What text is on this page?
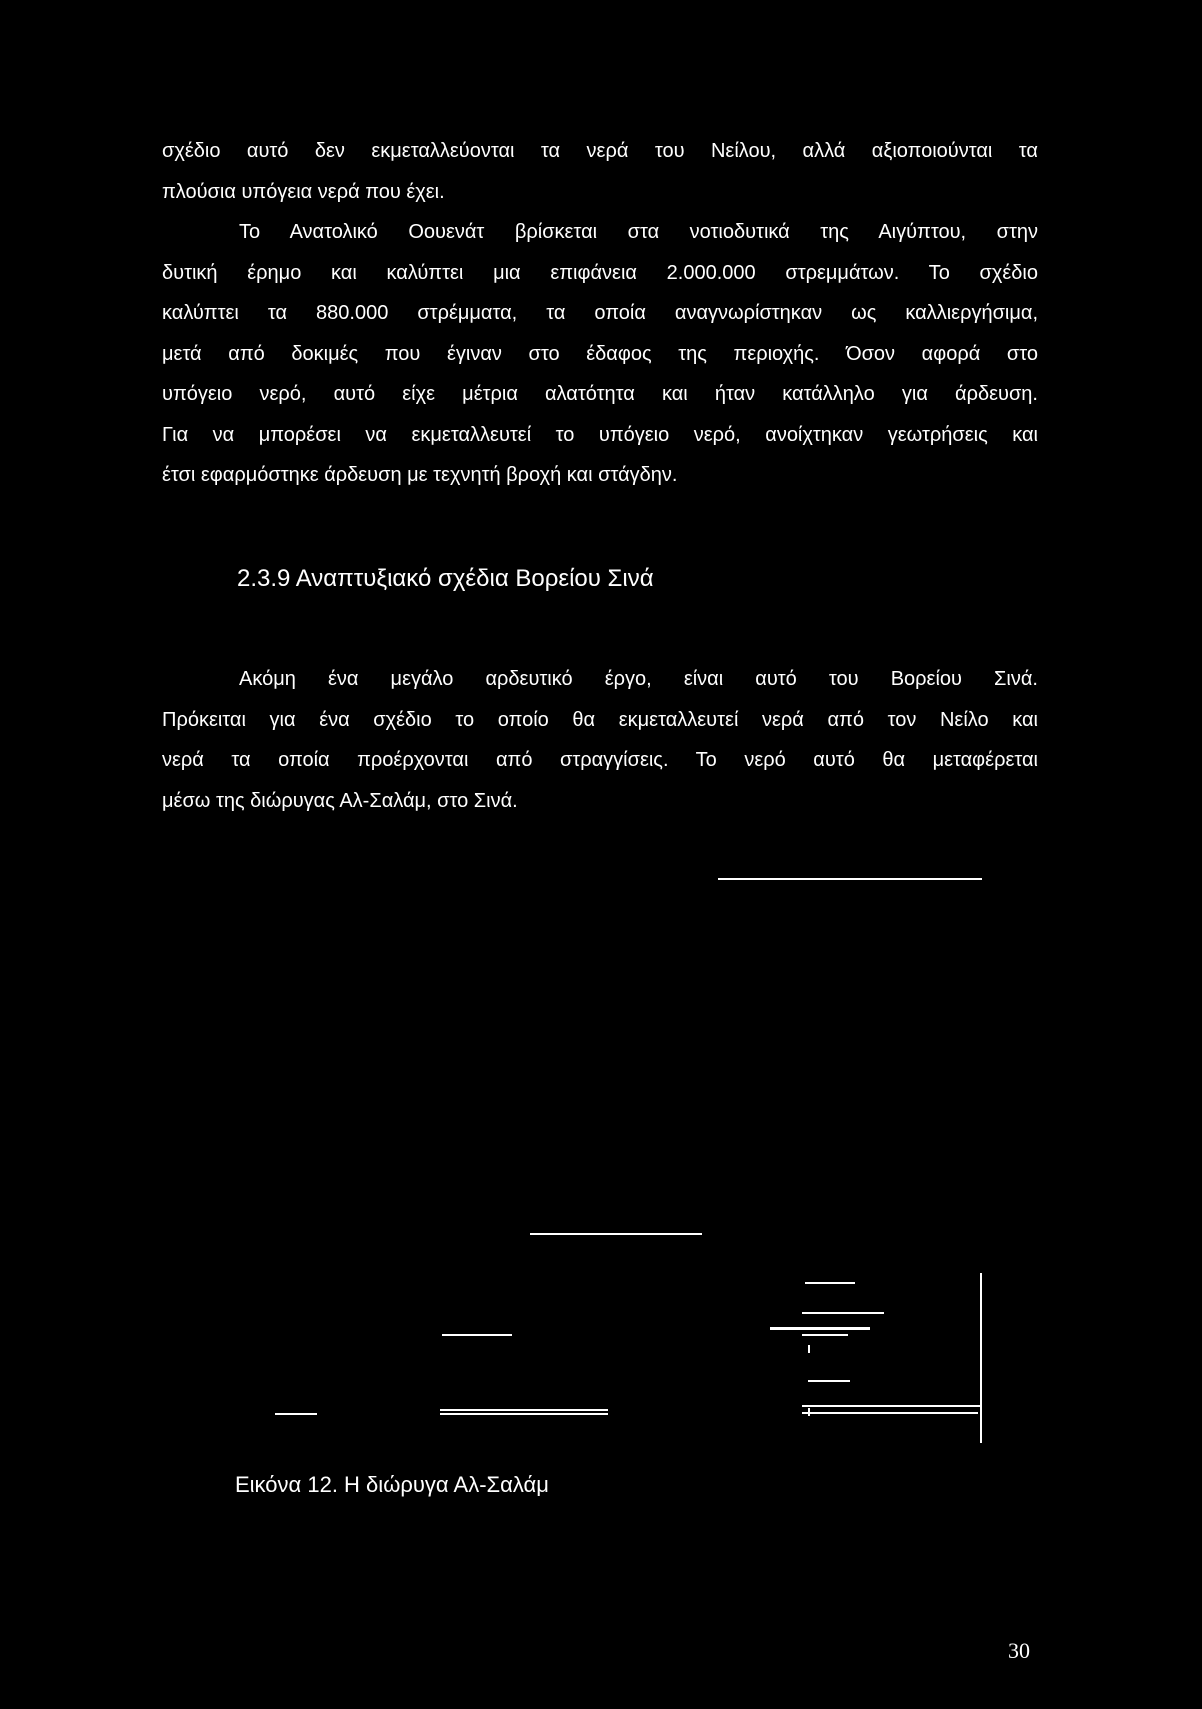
σχέδιο αυτό δεν εκμεταλλεύονται τα νερά του Νείλου, αλλά αξιοποιούνται τα

πλούσια υπόγεια νερά που έχει.

Το Ανατολικό Οουενάτ βρίσκεται στα νοτιοδυτικά της Αιγύπτου, στην

δυτική έρημο και καλύπτει μια επιφάνεια 2.000.000 στρεμμάτων. Το σχέδιο

καλύπτει τα 880.000 στρέμματα, τα οποία αναγνωρίστηκαν ως καλλιεργήσιμα,

μετά από δοκιμές που έγιναν στο έδαφος της περιοχής. Όσον αφορά στο

υπόγειο νερό, αυτό είχε μέτρια αλατότητα και ήταν κατάλληλο για άρδευση.

Για να μπορέσει να εκμεταλλευτεί το υπόγειο νερό, ανοίχτηκαν γεωτρήσεις και

έτσι εφαρμόστηκε άρδευση με τεχνητή βροχή και στάγδην.

2.3.9 Αναπτυξιακό σχέδια Βορείου Σινά

Ακόμη ένα μεγάλο αρδευτικό έργο, είναι αυτό του Βορείου Σινά.

Πρόκειται για ένα σχέδιο το οποίο θα εκμεταλλευτεί νερά από τον Νείλο και

νερά τα οποία προέρχονται από στραγγίσεις. Το νερό αυτό θα μεταφέρεται

μέσω της διώρυγας Αλ-Σαλάμ, στο Σινά.

Εικόνα 12. Η διώρυγα Αλ-Σαλάμ
30
